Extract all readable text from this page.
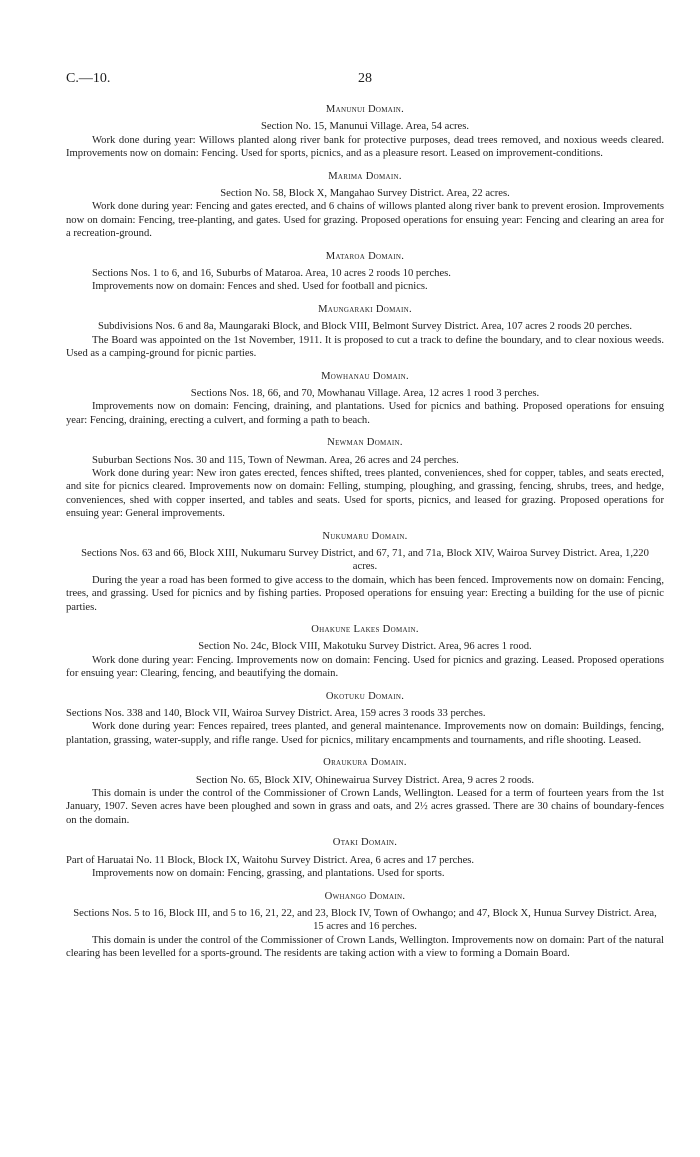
C.—10.	28
Manunui Domain.
Section No. 15, Manunui Village. Area, 54 acres.
Work done during year: Willows planted along river bank for protective purposes, dead trees removed, and noxious weeds cleared. Improvements now on domain: Fencing. Used for sports, picnics, and as a pleasure resort. Leased on improvement-conditions.
Marima Domain.
Section No. 58, Block X, Mangahao Survey District. Area, 22 acres.
Work done during year: Fencing and gates erected, and 6 chains of willows planted along river bank to prevent erosion. Improvements now on domain: Fencing, tree-planting, and gates. Used for grazing. Proposed operations for ensuing year: Fencing and clearing an area for a recreation-ground.
Mataroa Domain.
Sections Nos. 1 to 6, and 16, Suburbs of Mataroa. Area, 10 acres 2 roods 10 perches.
Improvements now on domain: Fences and shed. Used for football and picnics.
Maungaraki Domain.
Subdivisions Nos. 6 and 8a, Maungaraki Block, and Block VIII, Belmont Survey District. Area, 107 acres 2 roods 20 perches.
The Board was appointed on the 1st November, 1911. It is proposed to cut a track to define the boundary, and to clear noxious weeds. Used as a camping-ground for picnic parties.
Mowhanau Domain.
Sections Nos. 18, 66, and 70, Mowhanau Village. Area, 12 acres 1 rood 3 perches.
Improvements now on domain: Fencing, draining, and plantations. Used for picnics and bathing. Proposed operations for ensuing year: Fencing, draining, erecting a culvert, and forming a path to beach.
Newman Domain.
Suburban Sections Nos. 30 and 115, Town of Newman. Area, 26 acres and 24 perches.
Work done during year: New iron gates erected, fences shifted, trees planted, conveniences, shed for copper, tables, and seats erected, and site for picnics cleared. Improvements now on domain: Felling, stumping, ploughing, and grassing, fencing, shrubs, trees, and hedge, conveniences, shed with copper inserted, and tables and seats. Used for sports, picnics, and leased for grazing. Proposed operations for ensuing year: General improvements.
Nukumaru Domain.
Sections Nos. 63 and 66, Block XIII, Nukumaru Survey District, and 67, 71, and 71a, Block XIV, Wairoa Survey District. Area, 1,220 acres.
During the year a road has been formed to give access to the domain, which has been fenced. Improvements now on domain: Fencing, trees, and grassing. Used for picnics and by fishing parties. Proposed operations for ensuing year: Erecting a building for the use of picnic parties.
Ohakune Lakes Domain.
Section No. 24c, Block VIII, Makotuku Survey District. Area, 96 acres 1 rood.
Work done during year: Fencing. Improvements now on domain: Fencing. Used for picnics and grazing. Leased. Proposed operations for ensuing year: Clearing, fencing, and beautifying the domain.
Okotuku Domain.
Sections Nos. 338 and 140, Block VII, Wairoa Survey District. Area, 159 acres 3 roods 33 perches.
Work done during year: Fences repaired, trees planted, and general maintenance. Improvements now on domain: Buildings, fencing, plantation, grassing, water-supply, and rifle range. Used for picnics, military encampments and tournaments, and rifle shooting. Leased.
Oraukura Domain.
Section No. 65, Block XIV, Ohinewairua Survey District. Area, 9 acres 2 roods.
This domain is under the control of the Commissioner of Crown Lands, Wellington. Leased for a term of fourteen years from the 1st January, 1907. Seven acres have been ploughed and sown in grass and oats, and 2½ acres grassed. There are 30 chains of boundary-fences on the domain.
Otaki Domain.
Part of Haruatai No. 11 Block, Block IX, Waitohu Survey District. Area, 6 acres and 17 perches.
Improvements now on domain: Fencing, grassing, and plantations. Used for sports.
Owhango Domain.
Sections Nos. 5 to 16, Block III, and 5 to 16, 21, 22, and 23, Block IV, Town of Owhango; and 47, Block X, Hunua Survey District. Area, 15 acres and 16 perches.
This domain is under the control of the Commissioner of Crown Lands, Wellington. Improvements now on domain: Part of the natural clearing has been levelled for a sports-ground. The residents are taking action with a view to forming a Domain Board.
